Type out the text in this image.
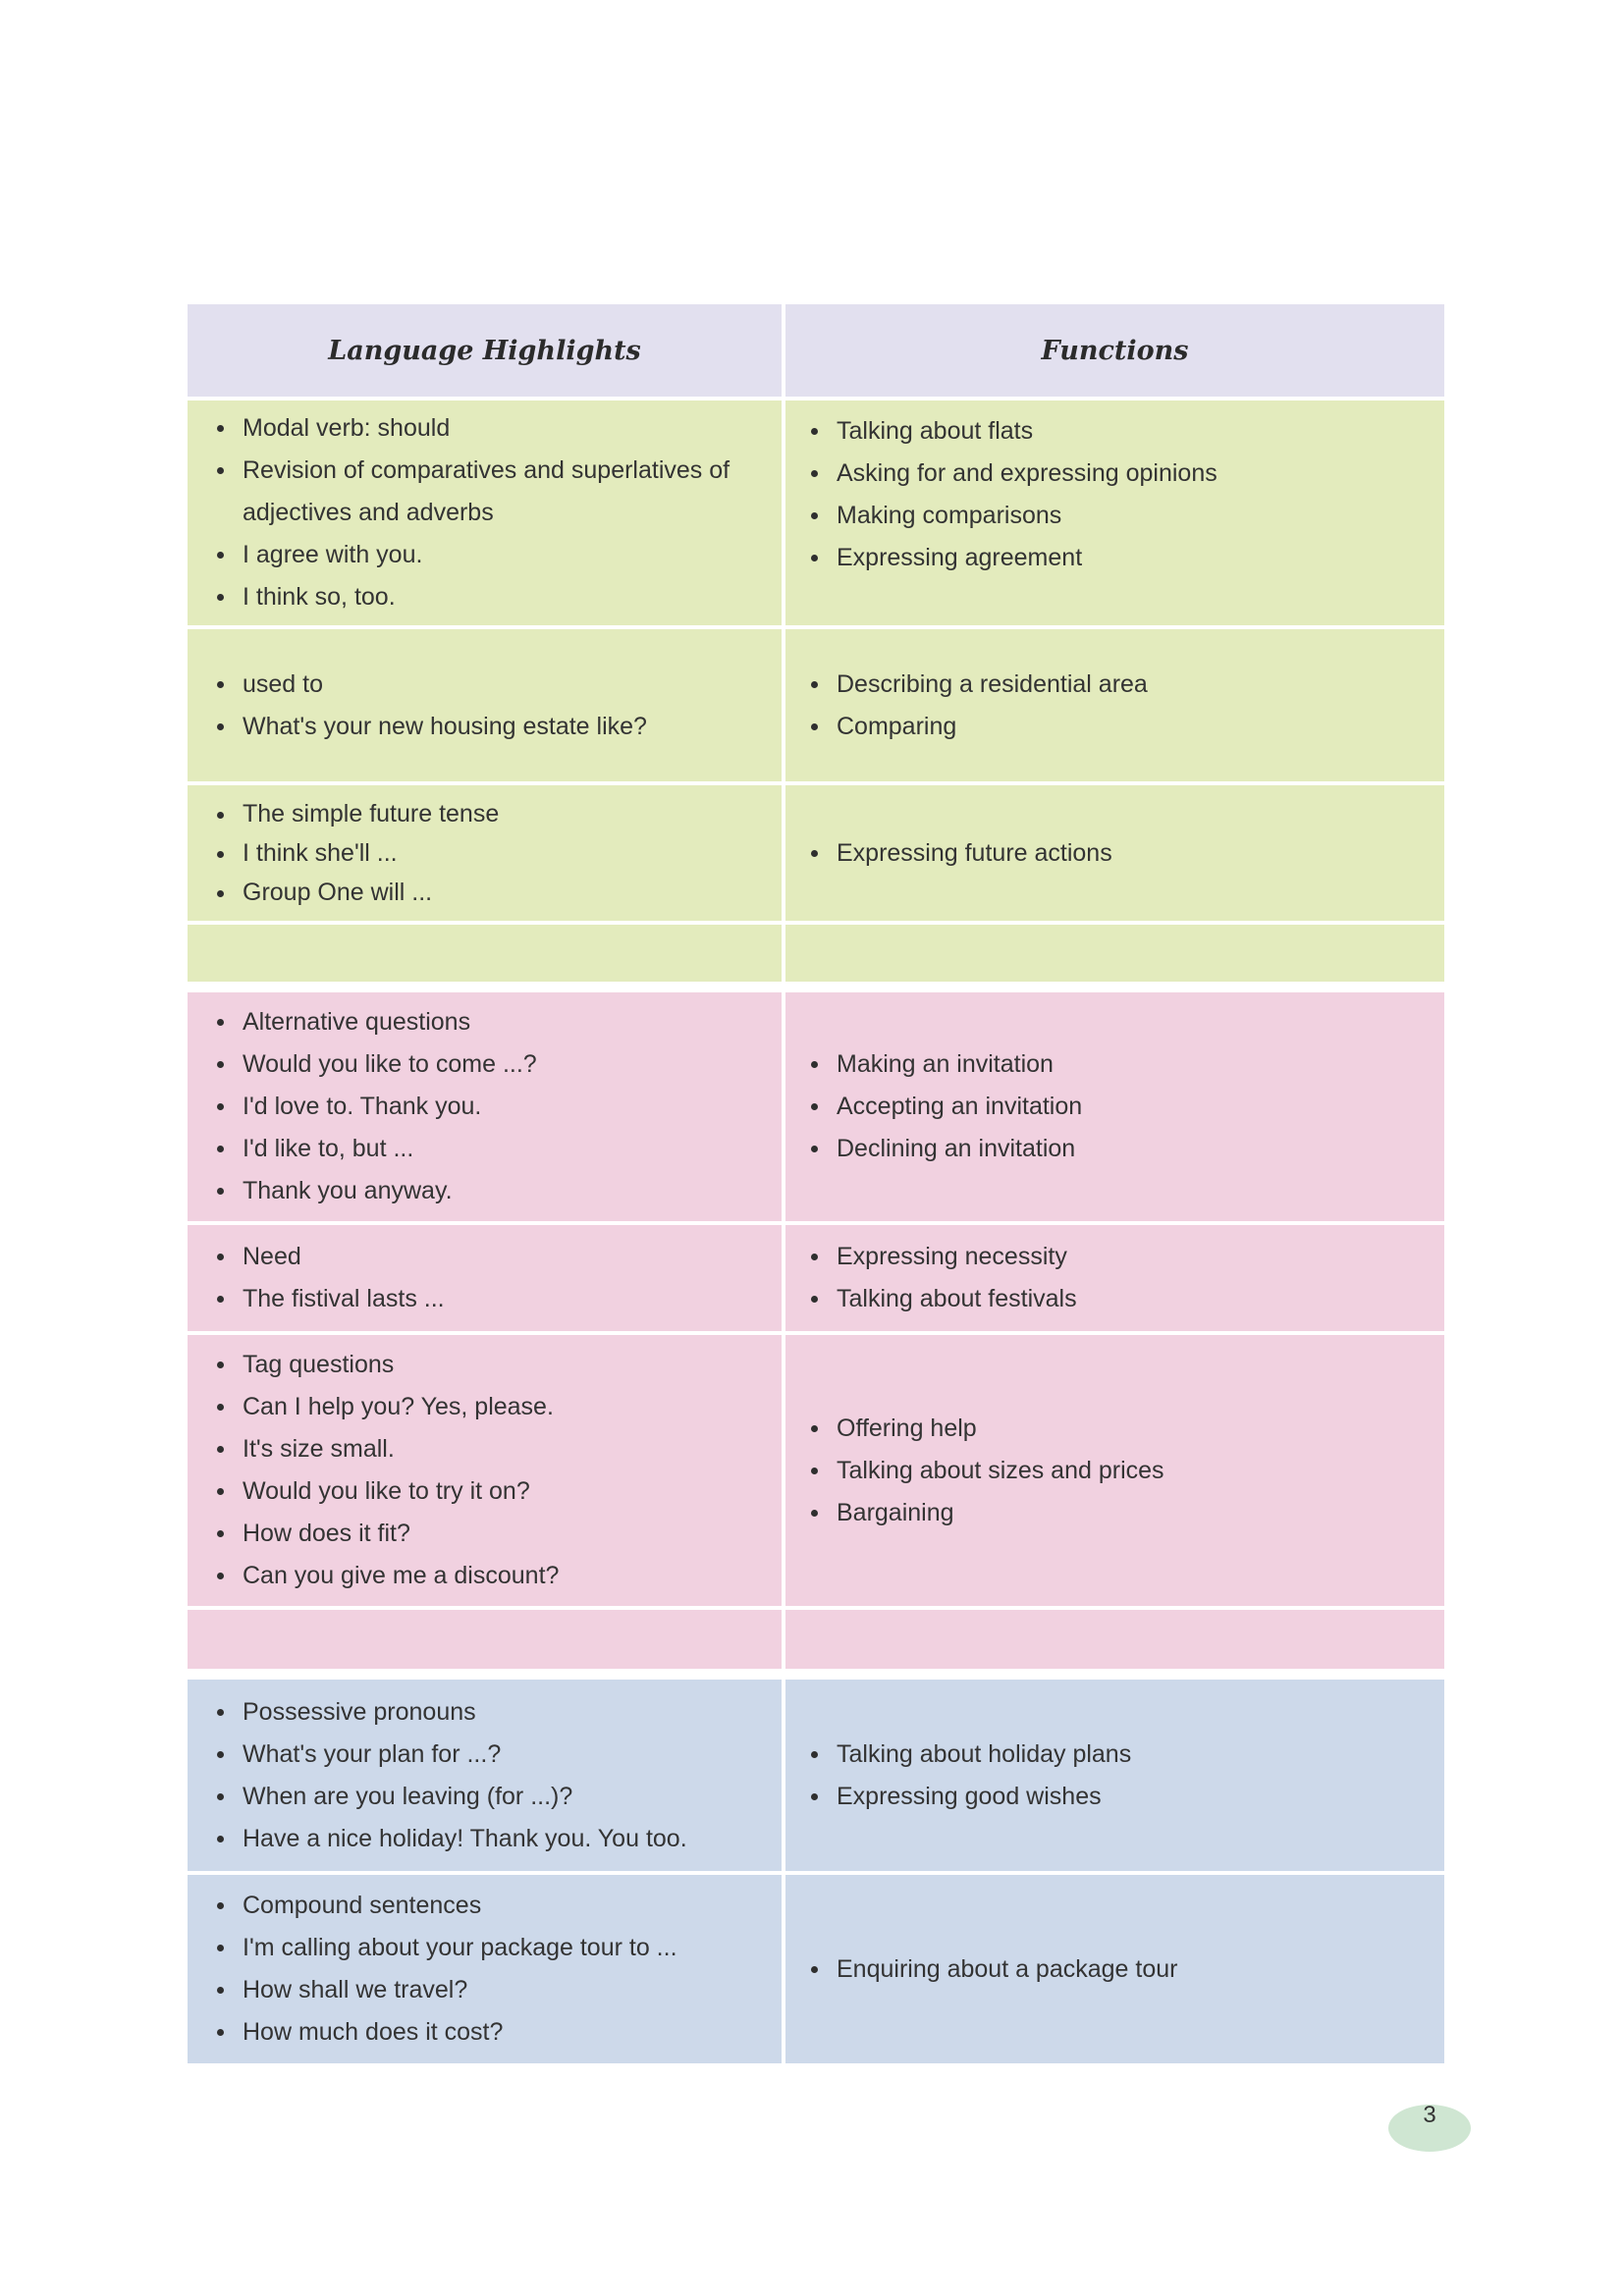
Language Highlights	Functions
Modal verb: should
Revision of comparatives and superlatives of
adjectives and adverbs
I agree with you.
I think so, too.
Talking about flats
Asking for and expressing opinions
Making comparisons
Expressing agreement
used to
What's your new housing estate like?
Describing a residential area
Comparing
The simple future tense
I think she'll ...
Group One will ...
Expressing future actions
Alternative questions
Would you like to come ...?
I'd love to. Thank you.
I'd like to, but ...
Thank you anyway.
Making an invitation
Accepting an invitation
Declining an invitation
Need
The fistival lasts ...
Expressing necessity
Talking about festivals
Tag questions
Can I help you? Yes, please.
It's size small.
Would you like to try it on?
How does it fit?
Can you give me a discount?
Offering help
Talking about sizes and prices
Bargaining
Possessive pronouns
What's your plan for ...?
When are you leaving (for ...)?
Have a nice holiday! Thank you. You too.
Talking about holiday plans
Expressing good wishes
Compound sentences
I'm calling about your package tour to ...
How shall we travel?
How much does it cost?
Enquiring about a package tour
3
